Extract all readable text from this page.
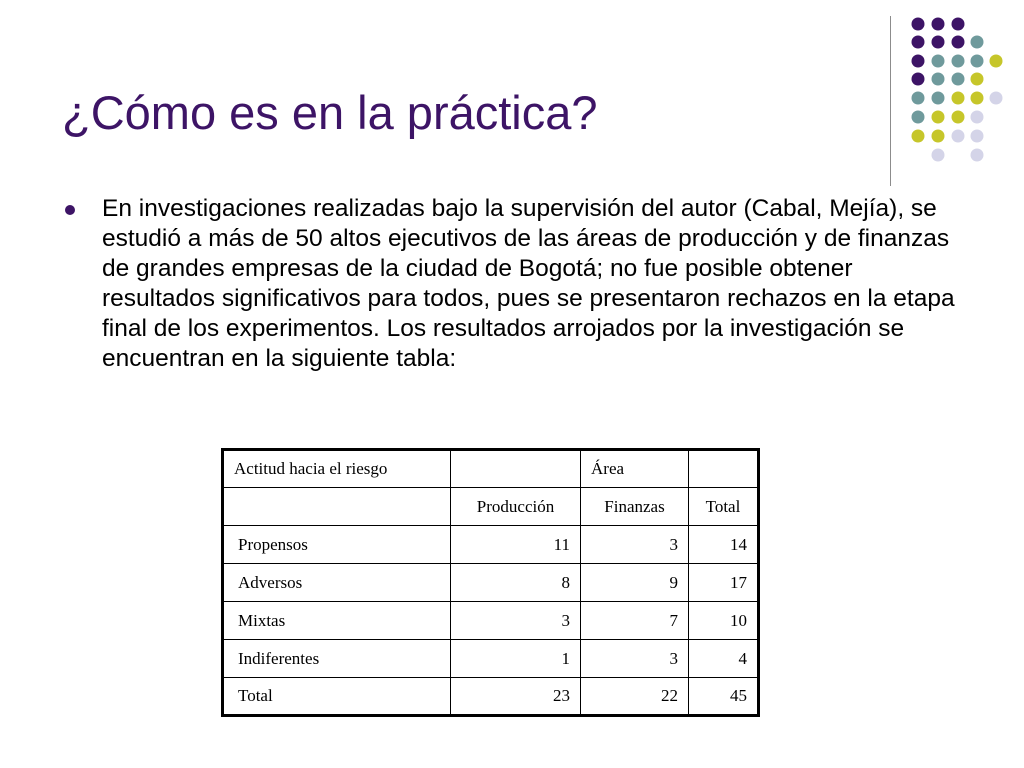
¿Cómo es en la práctica?
En investigaciones realizadas bajo la supervisión del autor (Cabal, Mejía), se estudió a más de 50 altos ejecutivos de las áreas de producción y de finanzas de grandes empresas de la ciudad de Bogotá; no fue posible obtener resultados significativos para todos, pues se presentaron rechazos en la etapa final de los experimentos. Los resultados arrojados por la investigación se encuentran en la siguiente tabla:
Actitud hacia el riesgo		Área	
	Producción	Finanzas	Total
Propensos	11	3	14
Adversos	8	9	17
Mixtas	3	7	10
Indiferentes	1	3	4
Total	23	22	45
